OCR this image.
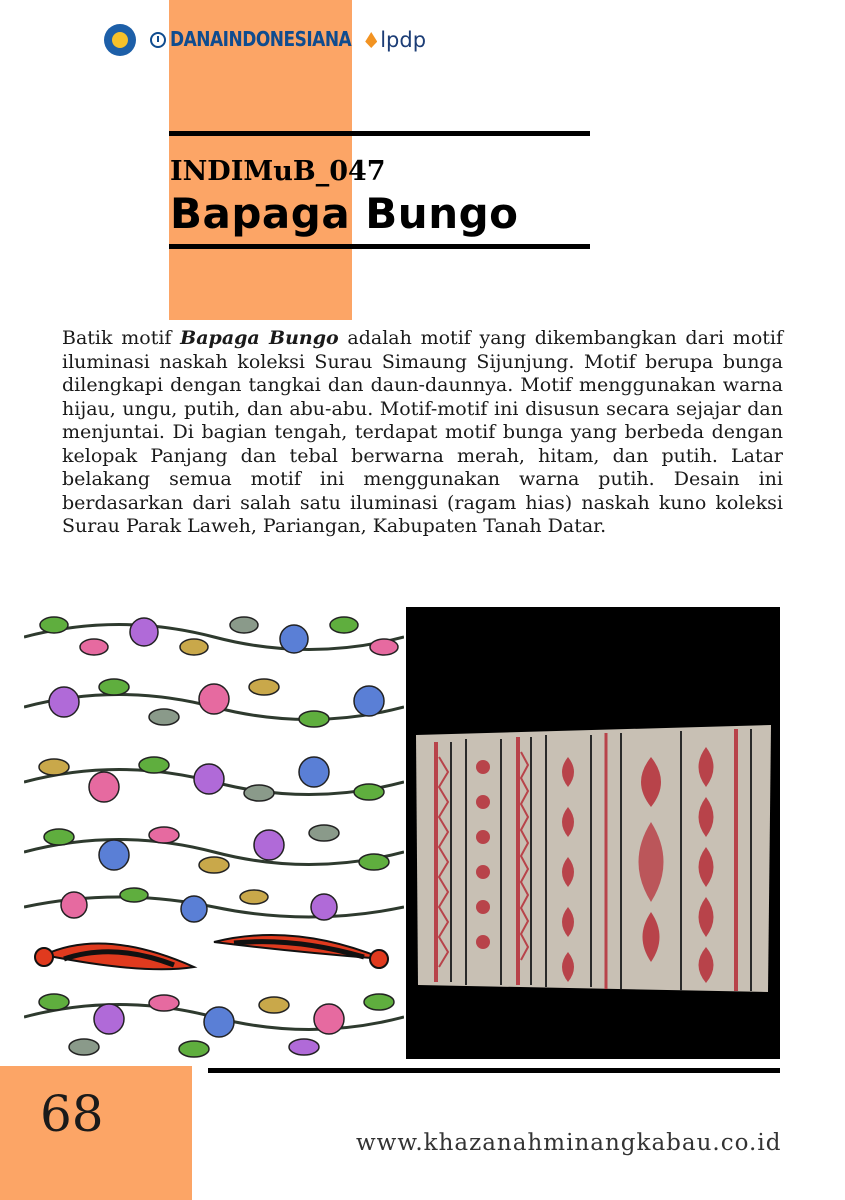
DANAINDONESIANA lpdp
INDIMuB_047
Bapaga Bungo

Batik motif Bapaga Bungo adalah motif yang dikembangkan dari motif iluminasi naskah koleksi Surau Simaung Sijunjung. Motif berupa bunga dilengkapi dengan tangkai dan daun-daunnya. Motif menggunakan warna hijau, ungu, putih, dan abu-abu. Motif-motif ini disusun secara sejajar dan menjuntai. Di bagian tengah, terdapat motif bunga yang berbeda dengan kelopak Panjang dan tebal berwarna merah, hitam, dan putih. Latar belakang semua motif ini menggunakan warna putih. Desain ini berdasarkan dari salah satu iluminasi (ragam hias) naskah kuno koleksi Surau Parak Laweh, Pariangan, Kabupaten Tanah Datar.

68	www.khazanahminangkabau.co.id
